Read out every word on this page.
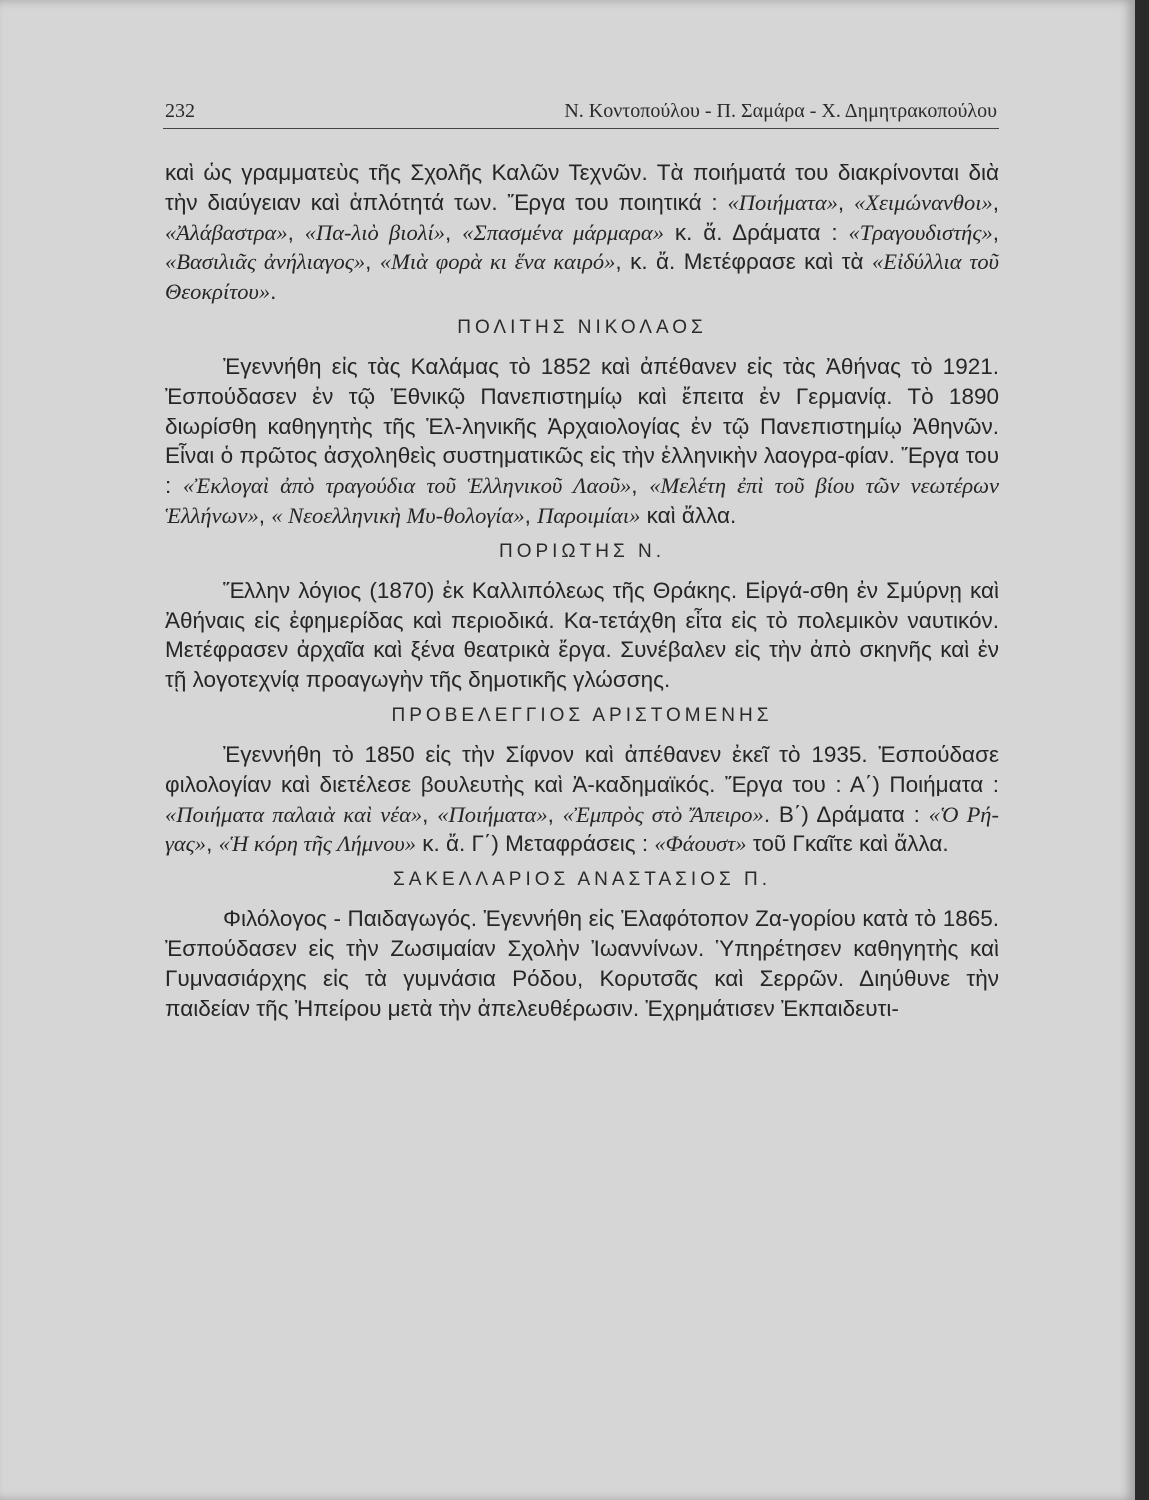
232	Ν. Κοντοπούλου - Π. Σαμάρα - Χ. Δημητρακοπούλου

καὶ ὡς γραμματεὺς τῆς Σχολῆς Καλῶν Τεχνῶν. Τὰ ποιήματά του διακρίνονται διὰ τὴν διαύγειαν καὶ ἁπλότητά των. Ἔργα του ποιητικά : «Ποιήματα», «Χειμώνανθοι», «Ἀλάβαστρα», «Πα-λιὸ βιολί», «Σπασμένα μάρμαρα» κ. ἄ. Δράματα : «Τραγουδιστής», «Βασιλιᾶς ἀνήλιαγος», «Μιὰ φορὰ κι ἕνα καιρό», κ. ἄ. Μετέφρασε καὶ τὰ «Εἰδύλλια τοῦ Θεοκρίτου».

ΠΟΛΙΤΗΣ ΝΙΚΟΛΑΟΣ

Ἐγεννήθη εἰς τὰς Καλάμας τὸ 1852 καὶ ἀπέθανεν εἰς τὰς Ἀθήνας τὸ 1921. Ἐσπούδασεν ἐν τῷ Ἐθνικῷ Πανεπιστημίῳ καὶ ἔπειτα ἐν Γερμανίᾳ. Τὸ 1890 διωρίσθη καθηγητὴς τῆς Ἑλ-ληνικῆς Ἀρχαιολογίας ἐν τῷ Πανεπιστημίῳ Ἀθηνῶν. Εἶναι ὁ πρῶτος ἀσχοληθεὶς συστηματικῶς εἰς τὴν ἑλληνικὴν λαογρα-φίαν. Ἔργα του : «Ἐκλογαὶ ἀπὸ τραγούδια τοῦ Ἑλληνικοῦ Λαοῦ», «Μελέτη ἐπὶ τοῦ βίου τῶν νεωτέρων Ἑλλήνων», « Νεοελληνικὴ Μυ-θολογία», Παροιμίαι» καὶ ἄλλα.

ΠΟΡΙΩΤΗΣ Ν.

Ἕλλην λόγιος (1870) ἐκ Καλλιπόλεως τῆς Θράκης. Εἰργά-σθη ἐν Σμύρνῃ καὶ Ἀθήναις εἰς ἐφημερίδας καὶ περιοδικά. Κα-τετάχθη εἶτα εἰς τὸ πολεμικὸν ναυτικόν. Μετέφρασεν ἀρχαῖα καὶ ξένα θεατρικὰ ἔργα. Συνέβαλεν εἰς τὴν ἀπὸ σκηνῆς καὶ ἐν τῇ λογοτεχνίᾳ προαγωγὴν τῆς δημοτικῆς γλώσσης.

ΠΡΟΒΕΛΕΓΓΙΟΣ ΑΡΙΣΤΟΜΕΝΗΣ

Ἐγεννήθη τὸ 1850 εἰς τὴν Σίφνον καὶ ἀπέθανεν ἐκεῖ τὸ 1935. Ἐσπούδασε φιλολογίαν καὶ διετέλεσε βουλευτὴς καὶ Ἀ-καδημαϊκός. Ἔργα του : Α΄) Ποιήματα : «Ποιήματα παλαιὰ καὶ νέα», «Ποιήματα», «Ἐμπρὸς στὸ Ἄπειρο». Β΄) Δράματα : «Ὁ Ρή-γας», «Ἡ κόρη τῆς Λήμνου» κ. ἄ. Γ΄) Μεταφράσεις : «Φάουστ» τοῦ Γκαῖτε καὶ ἄλλα.

ΣΑΚΕΛΛΑΡΙΟΣ ΑΝΑΣΤΑΣΙΟΣ Π.

Φιλόλογος - Παιδαγωγός. Ἐγεννήθη εἰς Ἐλαφότοπον Ζα-γορίου κατὰ τὸ 1865. Ἐσπούδασεν εἰς τὴν Ζωσιμαίαν Σχολὴν Ἰωαννίνων. Ὑπηρέτησεν καθηγητὴς καὶ Γυμνασιάρχης εἰς τὰ γυμνάσια Ρόδου, Κορυτσᾶς καὶ Σερρῶν. Διηύθυνε τὴν παιδείαν τῆς Ἠπείρου μετὰ τὴν ἀπελευθέρωσιν. Ἐχρημάτισεν Ἐκπαιδευτι-
